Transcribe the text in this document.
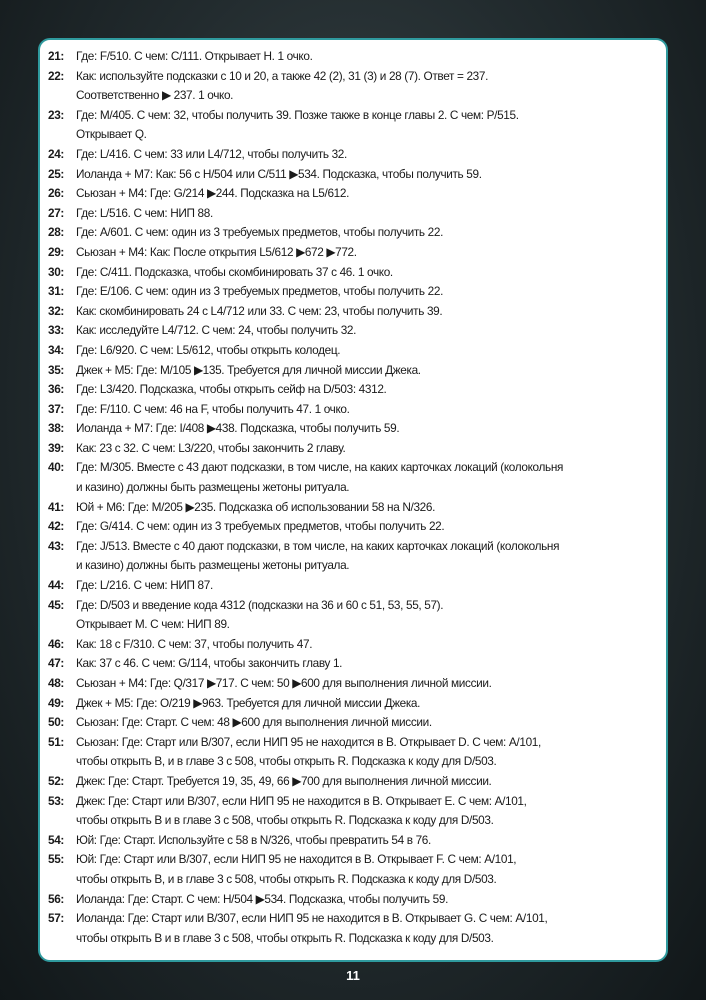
21:	Где: F/510. С чем: C/111. Открывает H. 1 очко.
22:	Как: используйте подсказки с 10 и 20, а также 42 (2), 31 (3) и 28 (7). Ответ = 237.
Соответственно ▶ 237. 1 очко.
23:	Где: M/405. С чем: 32, чтобы получить 39. Позже также в конце главы 2. С чем: P/515.
Открывает Q.
24:	Где: L/416. С чем: 33 или L4/712, чтобы получить 32.
25:	Иоланда + M7: Как: 56 с H/504 или C/511 ▶534. Подсказка, чтобы получить 59.
26:	Сьюзан + M4: Где: G/214 ▶244. Подсказка на L5/612.
27:	Где: L/516. С чем: НИП 88.
28:	Где: A/601. С чем: один из 3 требуемых предметов, чтобы получить 22.
29:	Сьюзан + M4: Как: После открытия L5/612 ▶672 ▶772.
30:	Где: C/411. Подсказка, чтобы скомбинировать 37 с 46. 1 очко.
31:	Где: E/106. С чем: один из 3 требуемых предметов, чтобы получить 22.
32:	Как: скомбинировать 24 с L4/712 или 33. С чем: 23, чтобы получить 39.
33:	Как: исследуйте L4/712. С чем: 24, чтобы получить 32.
34:	Где: L6/920. С чем: L5/612, чтобы открыть колодец.
35:	Джек + M5: Где: M/105 ▶135. Требуется для личной миссии Джека.
36:	Где: L3/420. Подсказка, чтобы открыть сейф на D/503: 4312.
37:	Где: F/110. С чем: 46 на F, чтобы получить 47. 1 очко.
38:	Иоланда + M7: Где: I/408 ▶438. Подсказка, чтобы получить 59.
39:	Как: 23 с 32. С чем: L3/220, чтобы закончить 2 главу.
40:	Где: M/305. Вместе с 43 дают подсказки, в том числе, на каких карточках локаций (колокольня
и казино) должны быть размещены жетоны ритуала.
41:	Юй + M6: Где: M/205 ▶235. Подсказка об использовании 58 на N/326.
42:	Где: G/414. С чем: один из 3 требуемых предметов, чтобы получить 22.
43:	Где: J/513. Вместе с 40 дают подсказки, в том числе, на каких карточках локаций (колокольня
и казино) должны быть размещены жетоны ритуала.
44:	Где: L/216. С чем: НИП 87.
45:	Где: D/503 и введение кода 4312 (подсказки на 36 и 60 с 51, 53, 55, 57).
Открывает M. С чем: НИП 89.
46:	Как: 18 с F/310. С чем: 37, чтобы получить 47.
47:	Как: 37 с 46. С чем: G/114, чтобы закончить главу 1.
48:	Сьюзан + M4: Где: Q/317 ▶717. С чем: 50 ▶600 для выполнения личной миссии.
49:	Джек + M5: Где: O/219 ▶963. Требуется для личной миссии Джека.
50:	Сьюзан: Где: Старт. С чем: 48 ▶600 для выполнения личной миссии.
51:	Сьюзан: Где: Старт или B/307, если НИП 95 не находится в B. Открывает D. С чем: A/101,
чтобы открыть B, и в главе 3 с 508, чтобы открыть R. Подсказка к коду для D/503.
52:	Джек: Где: Старт. Требуется 19, 35, 49, 66 ▶700 для выполнения личной миссии.
53:	Джек: Где: Старт или B/307, если НИП 95 не находится в B. Открывает E. С чем: A/101,
чтобы открыть B и в главе 3 с 508, чтобы открыть R. Подсказка к коду для D/503.
54:	Юй: Где: Старт. Используйте с 58 в N/326, чтобы превратить 54 в 76.
55:	Юй: Где: Старт или B/307, если НИП 95 не находится в B. Открывает F. С чем: A/101,
чтобы открыть B, и в главе 3 с 508, чтобы открыть R. Подсказка к коду для D/503.
56:	Иоланда: Где: Старт. С чем: H/504 ▶534. Подсказка, чтобы получить 59.
57:	Иоланда: Где: Старт или B/307, если НИП 95 не находится в B. Открывает G. С чем: A/101,
чтобы открыть B и в главе 3 с 508, чтобы открыть R. Подсказка к коду для D/503.
11
